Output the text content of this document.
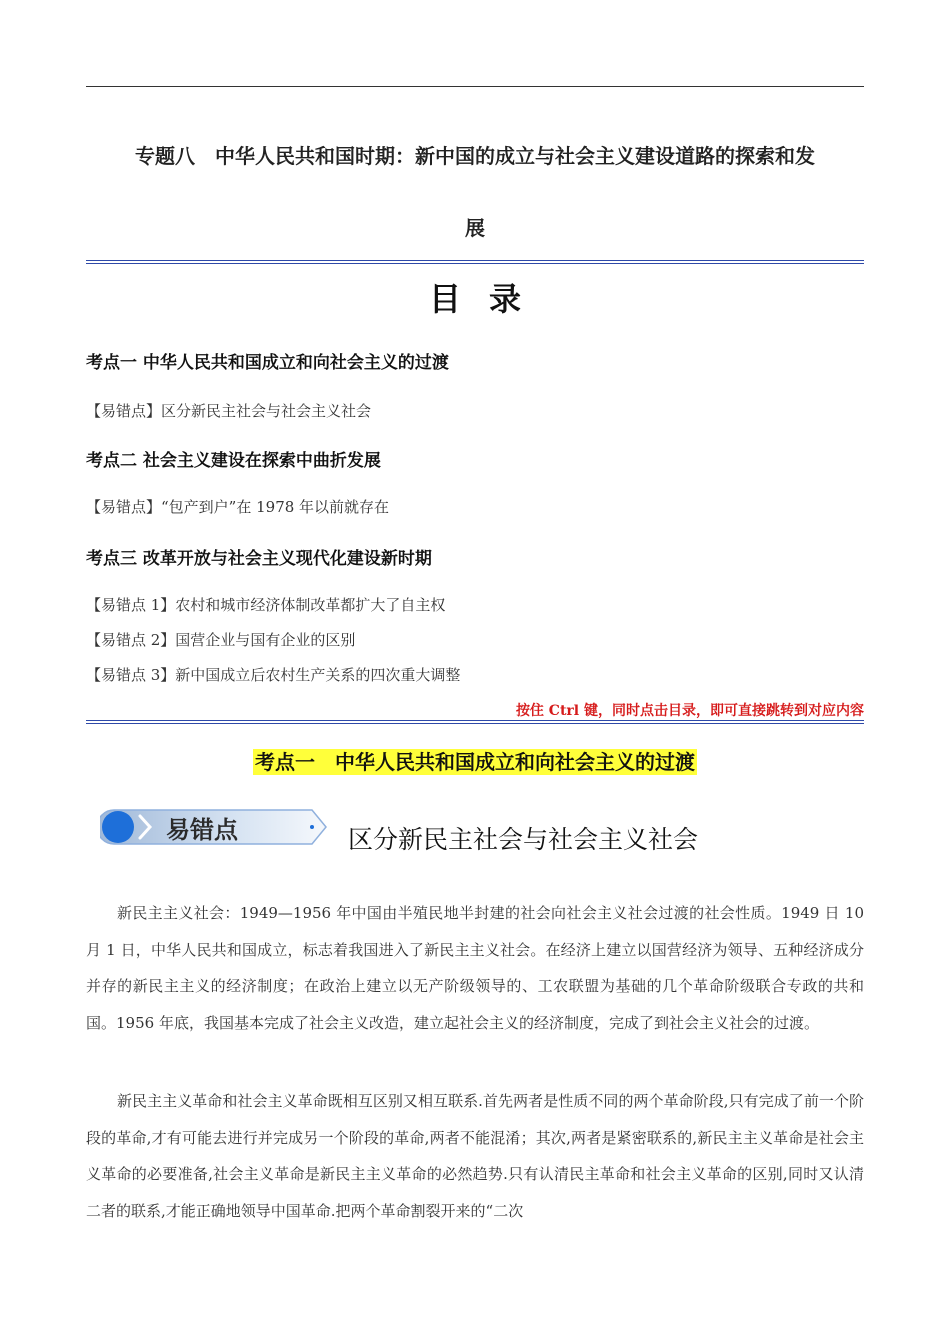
专题八　中华人民共和国时期：新中国的成立与社会主义建设道路的探索和发
展
目录
考点一 中华人民共和国成立和向社会主义的过渡
【易错点】区分新民主社会与社会主义社会
考点二 社会主义建设在探索中曲折发展
【易错点】“包产到户”在 1978 年以前就存在
考点三 改革开放与社会主义现代化建设新时期
【易错点 1】农村和城市经济体制改革都扩大了自主权
【易错点 2】国营企业与国有企业的区别
【易错点 3】新中国成立后农村生产关系的四次重大调整
按住 Ctrl 键，同时点击目录，即可直接跳转到对应内容
考点一　中华人民共和国成立和向社会主义的过渡
易错点	区分新民主社会与社会主义社会

新民主主义社会：1949—1956 年中国由半殖民地半封建的社会向社会主义社会过渡的社会性质。1949 日 10 月 1 日，中华人民共和国成立，标志着我国进入了新民主主义社会。在经济上建立以国营经济为领导、五种经济成分并存的新民主主义的经济制度；在政治上建立以无产阶级领导的、工农联盟为基础的几个革命阶级联合专政的共和国。1956 年底，我国基本完成了社会主义改造，建立起社会主义的经济制度，完成了到社会主义社会的过渡。

新民主主义革命和社会主义革命既相互区别又相互联系.首先两者是性质不同的两个革命阶段,只有完成了前一个阶段的革命,才有可能去进行并完成另一个阶段的革命,两者不能混淆；其次,两者是紧密联系的,新民主主义革命是社会主义革命的必要准备,社会主义革命是新民主主义革命的必然趋势.只有认清民主革命和社会主义革命的区别,同时又认清二者的联系,才能正确地领导中国革命.把两个革命割裂开来的“二次
